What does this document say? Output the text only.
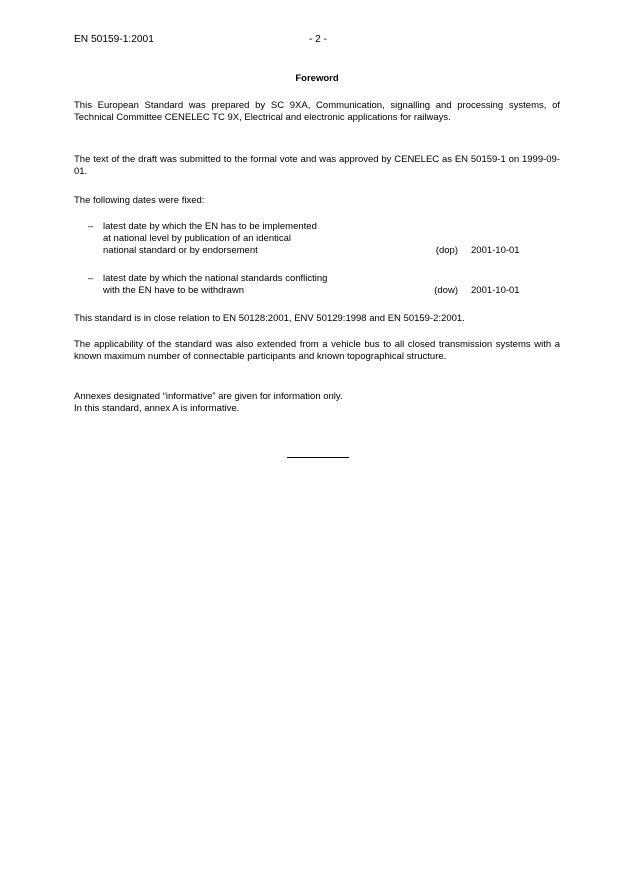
EN 50159-1:2001	- 2 -
Foreword

This European Standard was prepared by SC 9XA, Communication, signalling and processing systems, of Technical Committee CENELEC TC 9X, Electrical and electronic applications for railways.

The text of the draft was submitted to the formal vote and was approved by CENELEC as EN 50159-1 on 1999-09-01.

The following dates were fixed:

– latest date by which the EN has to be implemented
at national level by publication of an identical
national standard or by endorsement	(dop) 2001-10-01
– latest date by which the national standards conflicting
with the EN have to be withdrawn	(dow) 2001-10-01

This standard is in close relation to EN 50128:2001, ENV 50129:1998 and EN 50159-2:2001.

The applicability of the standard was also extended from a vehicle bus to all closed transmission systems with a known maximum number of connectable participants and known topographical structure.

Annexes designated “informative” are given for information only.
In this standard, annex A is informative.
